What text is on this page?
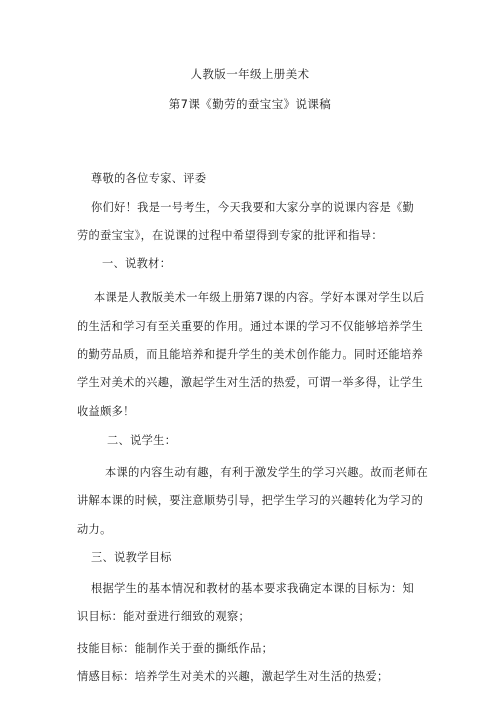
人教版一年级上册美术
第7课《勤劳的蚕宝宝》说课稿
尊敬的各位专家、评委
你们好！我是一号考生，今天我要和大家分享的说课内容是《勤
劳的蚕宝宝》，在说课的过程中希望得到专家的批评和指导：
一、说教材：
本课是人教版美术一年级上册第7课的内容。学好本课对学生以后
的生活和学习有至关重要的作用。通过本课的学习不仅能够培养学生
的勤劳品质，而且能培养和提升学生的美术创作能力。同时还能培养
学生对美术的兴趣，激起学生对生活的热爱，可谓一举多得，让学生
收益颇多！
二、说学生：
本课的内容生动有趣，有利于激发学生的学习兴趣。故而老师在
讲解本课的时候，要注意顺势引导，把学生学习的兴趣转化为学习的
动力。
三、说教学目标
根据学生的基本情况和教材的基本要求我确定本课的目标为：知
识目标：能对蚕进行细致的观察；
技能目标：能制作关于蚕的撕纸作品；
情感目标：培养学生对美术的兴趣，激起学生对生活的热爱；
